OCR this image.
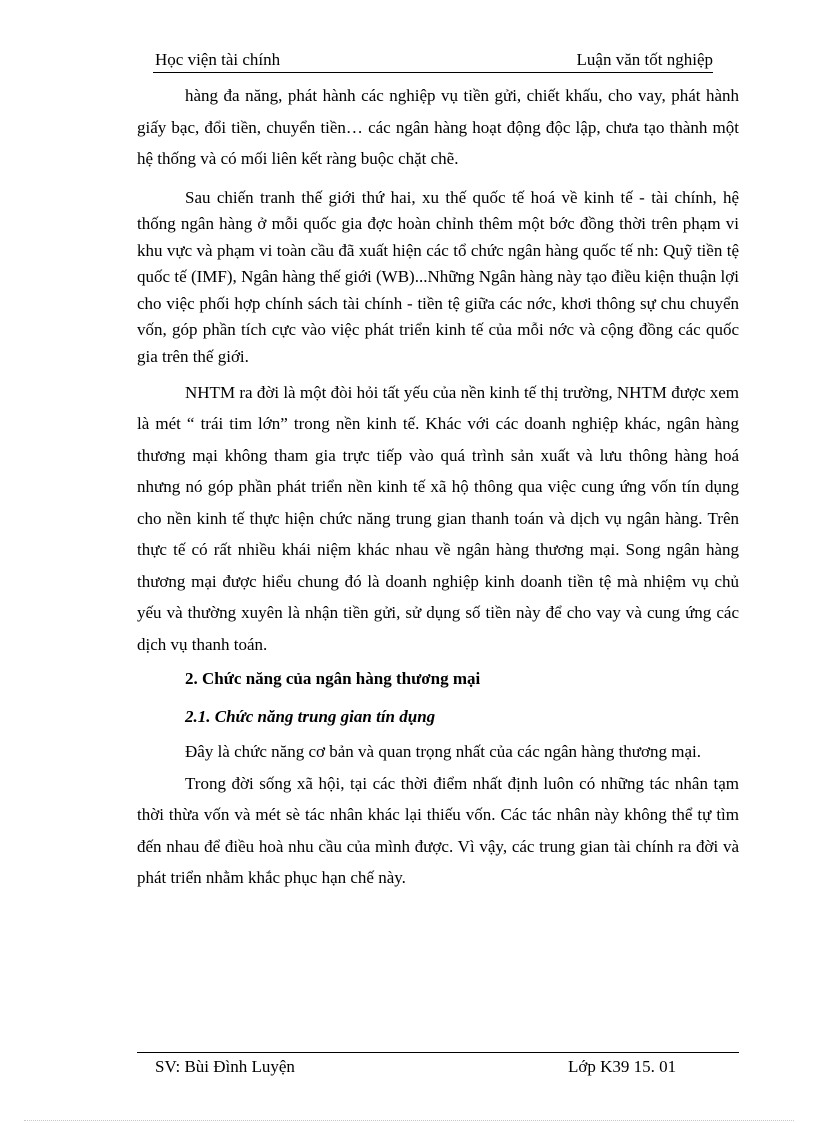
Học viện tài chính	Luận văn tốt nghiệp

hàng đa năng, phát hành các nghiệp vụ tiền gửi, chiết khấu, cho vay, phát hành giấy bạc, đổi tiền, chuyển tiền… các ngân hàng hoạt động độc lập, chưa tạo thành một hệ thống và có mối liên kết ràng buộc chặt chẽ.

Sau chiến tranh thế giới thứ hai, xu thế quốc tế hoá về kinh tế - tài chính, hệ thống ngân hàng ở mỗi quốc gia đợc hoàn chỉnh thêm một bớc đồng thời trên phạm vi khu vực và phạm vi toàn cầu đã xuất hiện các tổ chức ngân hàng quốc tế nh: Quỹ tiền tệ quốc tế (IMF), Ngân hàng thế giới (WB)...Những Ngân hàng này tạo điều kiện thuận lợi cho việc phối hợp chính sách tài chính - tiền tệ giữa các nớc, khơi thông sự chu chuyển vốn, góp phần tích cực vào việc phát triển kinh tế của mỗi nớc và cộng đồng các quốc gia trên thế giới.

NHTM ra đời là một đòi hỏi tất yếu của nền kinh tế thị trường, NHTM được xem là mét “ trái tim lớn” trong nền kinh tế. Khác với các doanh nghiệp khác, ngân hàng thương mại không tham gia trực tiếp vào quá trình sản xuất và lưu thông hàng hoá nhưng nó góp phần phát triển nền kinh tế xã hộ thông qua việc cung ứng vốn tín dụng cho nền kinh tế thực hiện chức năng trung gian thanh toán và dịch vụ ngân hàng. Trên thực tế có rất nhiều khái niệm khác nhau về ngân hàng thương mại. Song ngân hàng thương mại được hiểu chung đó là doanh nghiệp kinh doanh tiền tệ mà nhiệm vụ chủ yếu và thường xuyên là nhận tiền gửi, sử dụng số tiền này để cho vay và cung ứng các dịch vụ thanh toán.

2. Chức năng của ngân hàng thương mại

2.1. Chức năng trung gian tín dụng

Đây là chức năng cơ bản và quan trọng nhất của các ngân hàng thương mại.

Trong đời sống xã hội, tại các thời điểm nhất định luôn có những tác nhân tạm thời thừa vốn và mét sè tác nhân khác lại thiếu vốn. Các tác nhân này không thể tự tìm đến nhau để điều hoà nhu cầu của mình được. Vì vậy, các trung gian tài chính ra đời và phát triển nhằm khắc phục hạn chế này.

SV: Bùi Đình Luyện	Lớp K39 15. 01
